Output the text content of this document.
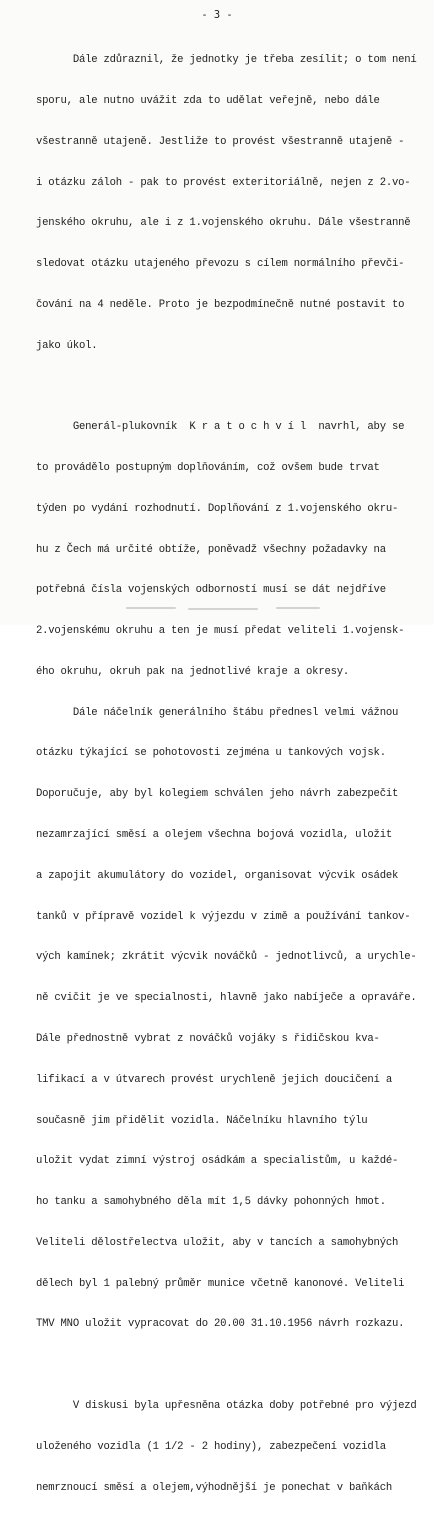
- 3 -

Dále zdůraznil, že jednotky je třeba zesílit; o tom není

sporu, ale nutno uvážit zda to udělat veřejně, nebo dále

všestranně utajeně. Jestliže to provést všestranně utajeně -

i otázku záloh - pak to provést exteritoriálně, nejen z 2.vo-

jenského okruhu, ale i z 1.vojenského okruhu. Dále všestranně

sledovat otázku utajeného převozu s cílem normálního převči-

čování na 4 neděle. Proto je bezpodmínečně nutné postavit to

jako úkol.

Generál-plukovník  K r a t o c h v í l  navrhl, aby se

to provádělo postupným doplňováním, což ovšem bude trvat

týden po vydání rozhodnutí. Doplňování z 1.vojenského okru-

hu z Čech má určité obtíže, poněvadž všechny požadavky na

potřebná čísla vojenských odborností musí se dát nejdříve

2.vojenskému okruhu a ten je musí předat veliteli 1.vojensk-

ého okruhu, okruh pak na jednotlivé kraje a okresy.

Dále náčelník generálního štábu přednesl velmi vážnou

otázku týkající se pohotovosti zejména u tankových vojsk.

Doporučuje, aby byl kolegiem schválen jeho návrh zabezpečit

nezamrzající směsí a olejem všechna bojová vozidla, uložit

a zapojit akumulátory do vozidel, organisovat výcvik osádek

tanků v přípravě vozidel k výjezdu v zimě a používání tankov-

vých kamínek; zkrátit výcvik nováčků - jednotlivců, a urychle-

ně cvičit je ve specialnosti, hlavně jako nabíječe a opraváře.

Dále přednostně vybrat z nováčků vojáky s řidičskou kva-

lifikací a v útvarech provést urychleně jejich doucičení a

současně jim přidělit vozidla. Náčelníku hlavního týlu

uložit vydat zimní výstroj osádkám a specialistům, u každé-

ho tanku a samohybného děla mít 1,5 dávky pohonných hmot.

Veliteli dělostřelectva uložit, aby v tancích a samohybných

dělech byl 1 palebný průměr munice včetně kanonové. Veliteli

TMV MNO uložit vypracovat do 20.00 31.10.1956 návrh rozkazu.

V diskusi byla upřesněna otázka doby potřebné pro výjezd

uloženého vozidla (1 1/2 - 2 hodiny), zabezpečení vozidla

nemrznoucí směsí a olejem,výhodnější je ponechat v baňkách
